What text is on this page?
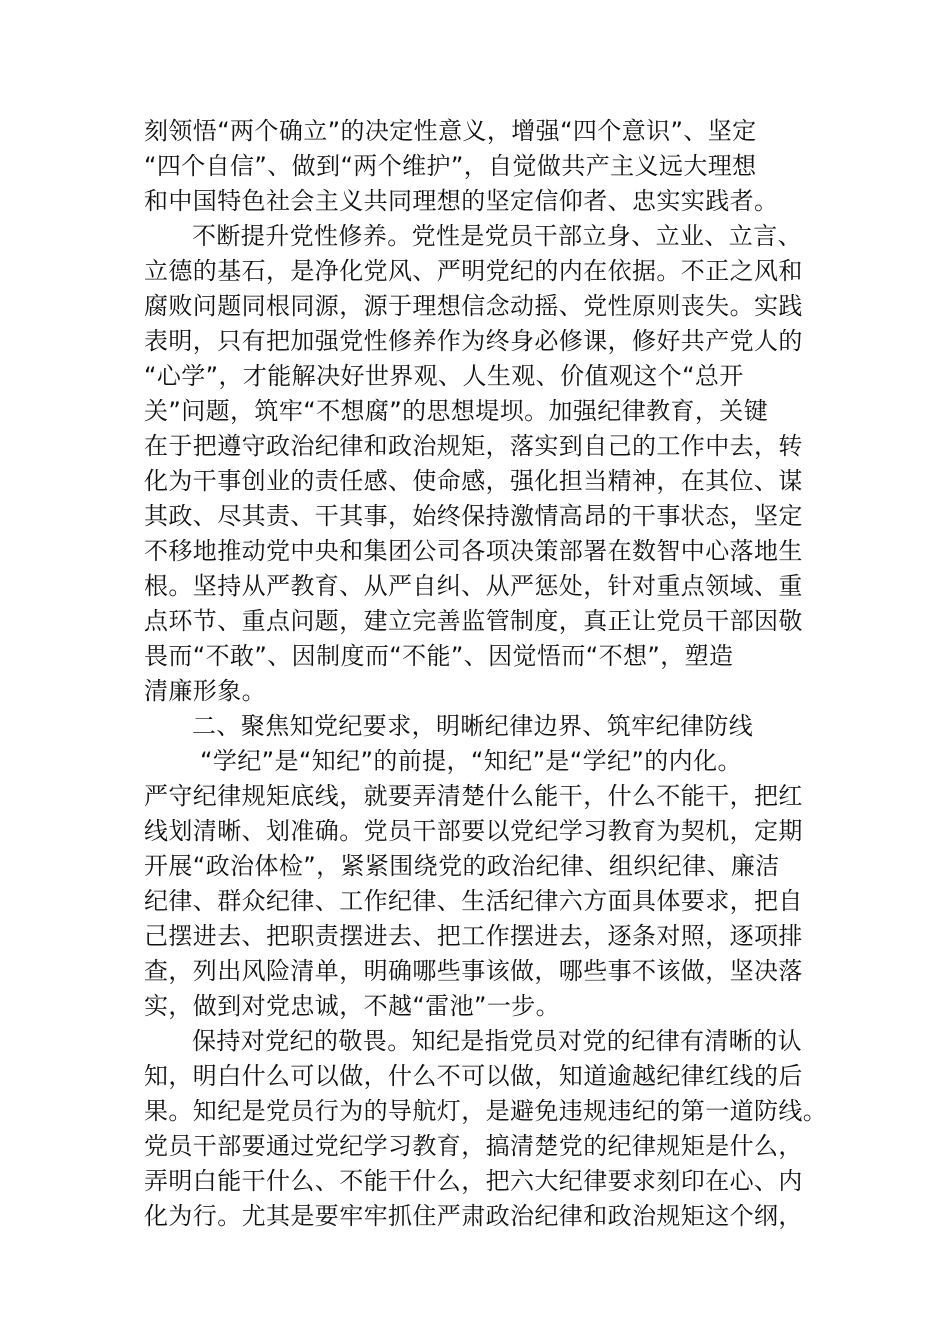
刻领悟“两个确立”的决定性意义，增强“四个意识”、坚定
“四个自信”、做到“两个维护”，自觉做共产主义远大理想
和中国特色社会主义共同理想的坚定信仰者、忠实实践者。
不断提升党性修养。党性是党员干部立身、立业、立言、
立德的基石，是净化党风、严明党纪的内在依据。不正之风和
腐败问题同根同源，源于理想信念动摇、党性原则丧失。实践
表明，只有把加强党性修养作为终身必修课，修好共产党人的
“心学”，才能解决好世界观、人生观、价值观这个“总开
关”问题，筑牢“不想腐”的思想堤坝。加强纪律教育，关键
在于把遵守政治纪律和政治规矩，落实到自己的工作中去，转
化为干事创业的责任感、使命感，强化担当精神，在其位、谋
其政、尽其责、干其事，始终保持激情高昂的干事状态，坚定
不移地推动党中央和集团公司各项决策部署在数智中心落地生
根。坚持从严教育、从严自纠、从严惩处，针对重点领域、重
点环节、重点问题，建立完善监管制度，真正让党员干部因敬
畏而“不敢”、因制度而“不能”、因觉悟而“不想”，塑造
清廉形象。
二、聚焦知党纪要求，明晰纪律边界、筑牢纪律防线
“学纪”是“知纪”的前提，“知纪”是“学纪”的内化。
严守纪律规矩底线，就要弄清楚什么能干，什么不能干，把红
线划清晰、划准确。党员干部要以党纪学习教育为契机，定期
开展“政治体检”，紧紧围绕党的政治纪律、组织纪律、廉洁
纪律、群众纪律、工作纪律、生活纪律六方面具体要求，把自
己摆进去、把职责摆进去、把工作摆进去，逐条对照，逐项排
查，列出风险清单，明确哪些事该做，哪些事不该做，坚决落
实，做到对党忠诚，不越“雷池”一步。
保持对党纪的敬畏。知纪是指党员对党的纪律有清晰的认
知，明白什么可以做，什么不可以做，知道逾越纪律红线的后
果。知纪是党员行为的导航灯，是避免违规违纪的第一道防线。
党员干部要通过党纪学习教育，搞清楚党的纪律规矩是什么，
弄明白能干什么、不能干什么，把六大纪律要求刻印在心、内
化为行。尤其是要牢牢抓住严肃政治纪律和政治规矩这个纲，
